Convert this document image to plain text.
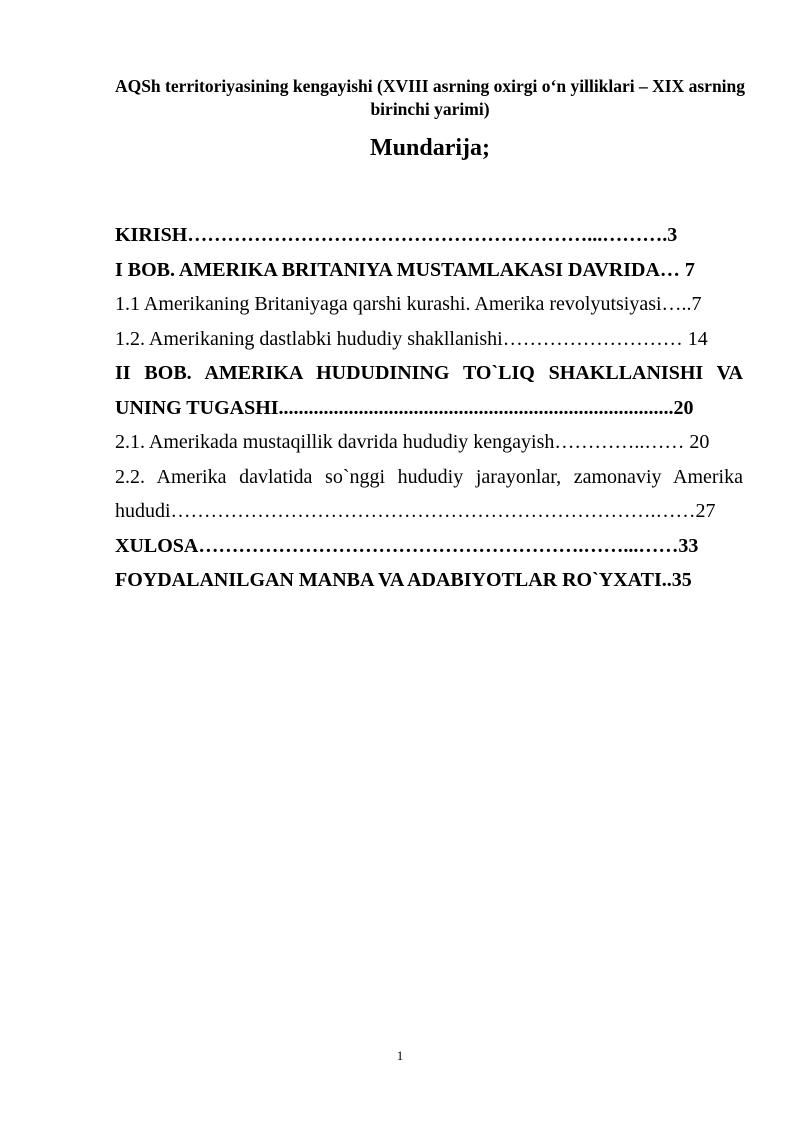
AQSh territoriyasining kengayishi (XVIII asrning oxirgi o‘n yilliklari – XIX asrning birinchi yarimi)
Mundarija;

KIRISH……………………………………………………...……….3

I BOB. AMERIKA BRITANIYA MUSTAMLAKASI DAVRIDA… 7

1.1 Amerikaning Britaniyaga qarshi kurashi. Amerika revolyutsiyasi…..7

1.2. Amerikaning dastlabki hududiy shakllanishi……………………… 14

II BOB. AMERIKA HUDUDINING TO`LIQ SHAKLLANISHI VA UNING TUGASHI...............................................................................20

2.1. Amerikada mustaqillik davrida hududiy kengayish…………..…… 20

2.2. Amerika davlatida so`nggi hududiy jarayonlar, zamonaviy Amerika hududi……………………………………………………………….……27

XULOSA………………………………………………….……...……33

FOYDALANILGAN MANBA VA ADABIYOTLAR RO`YXATI..35

1
